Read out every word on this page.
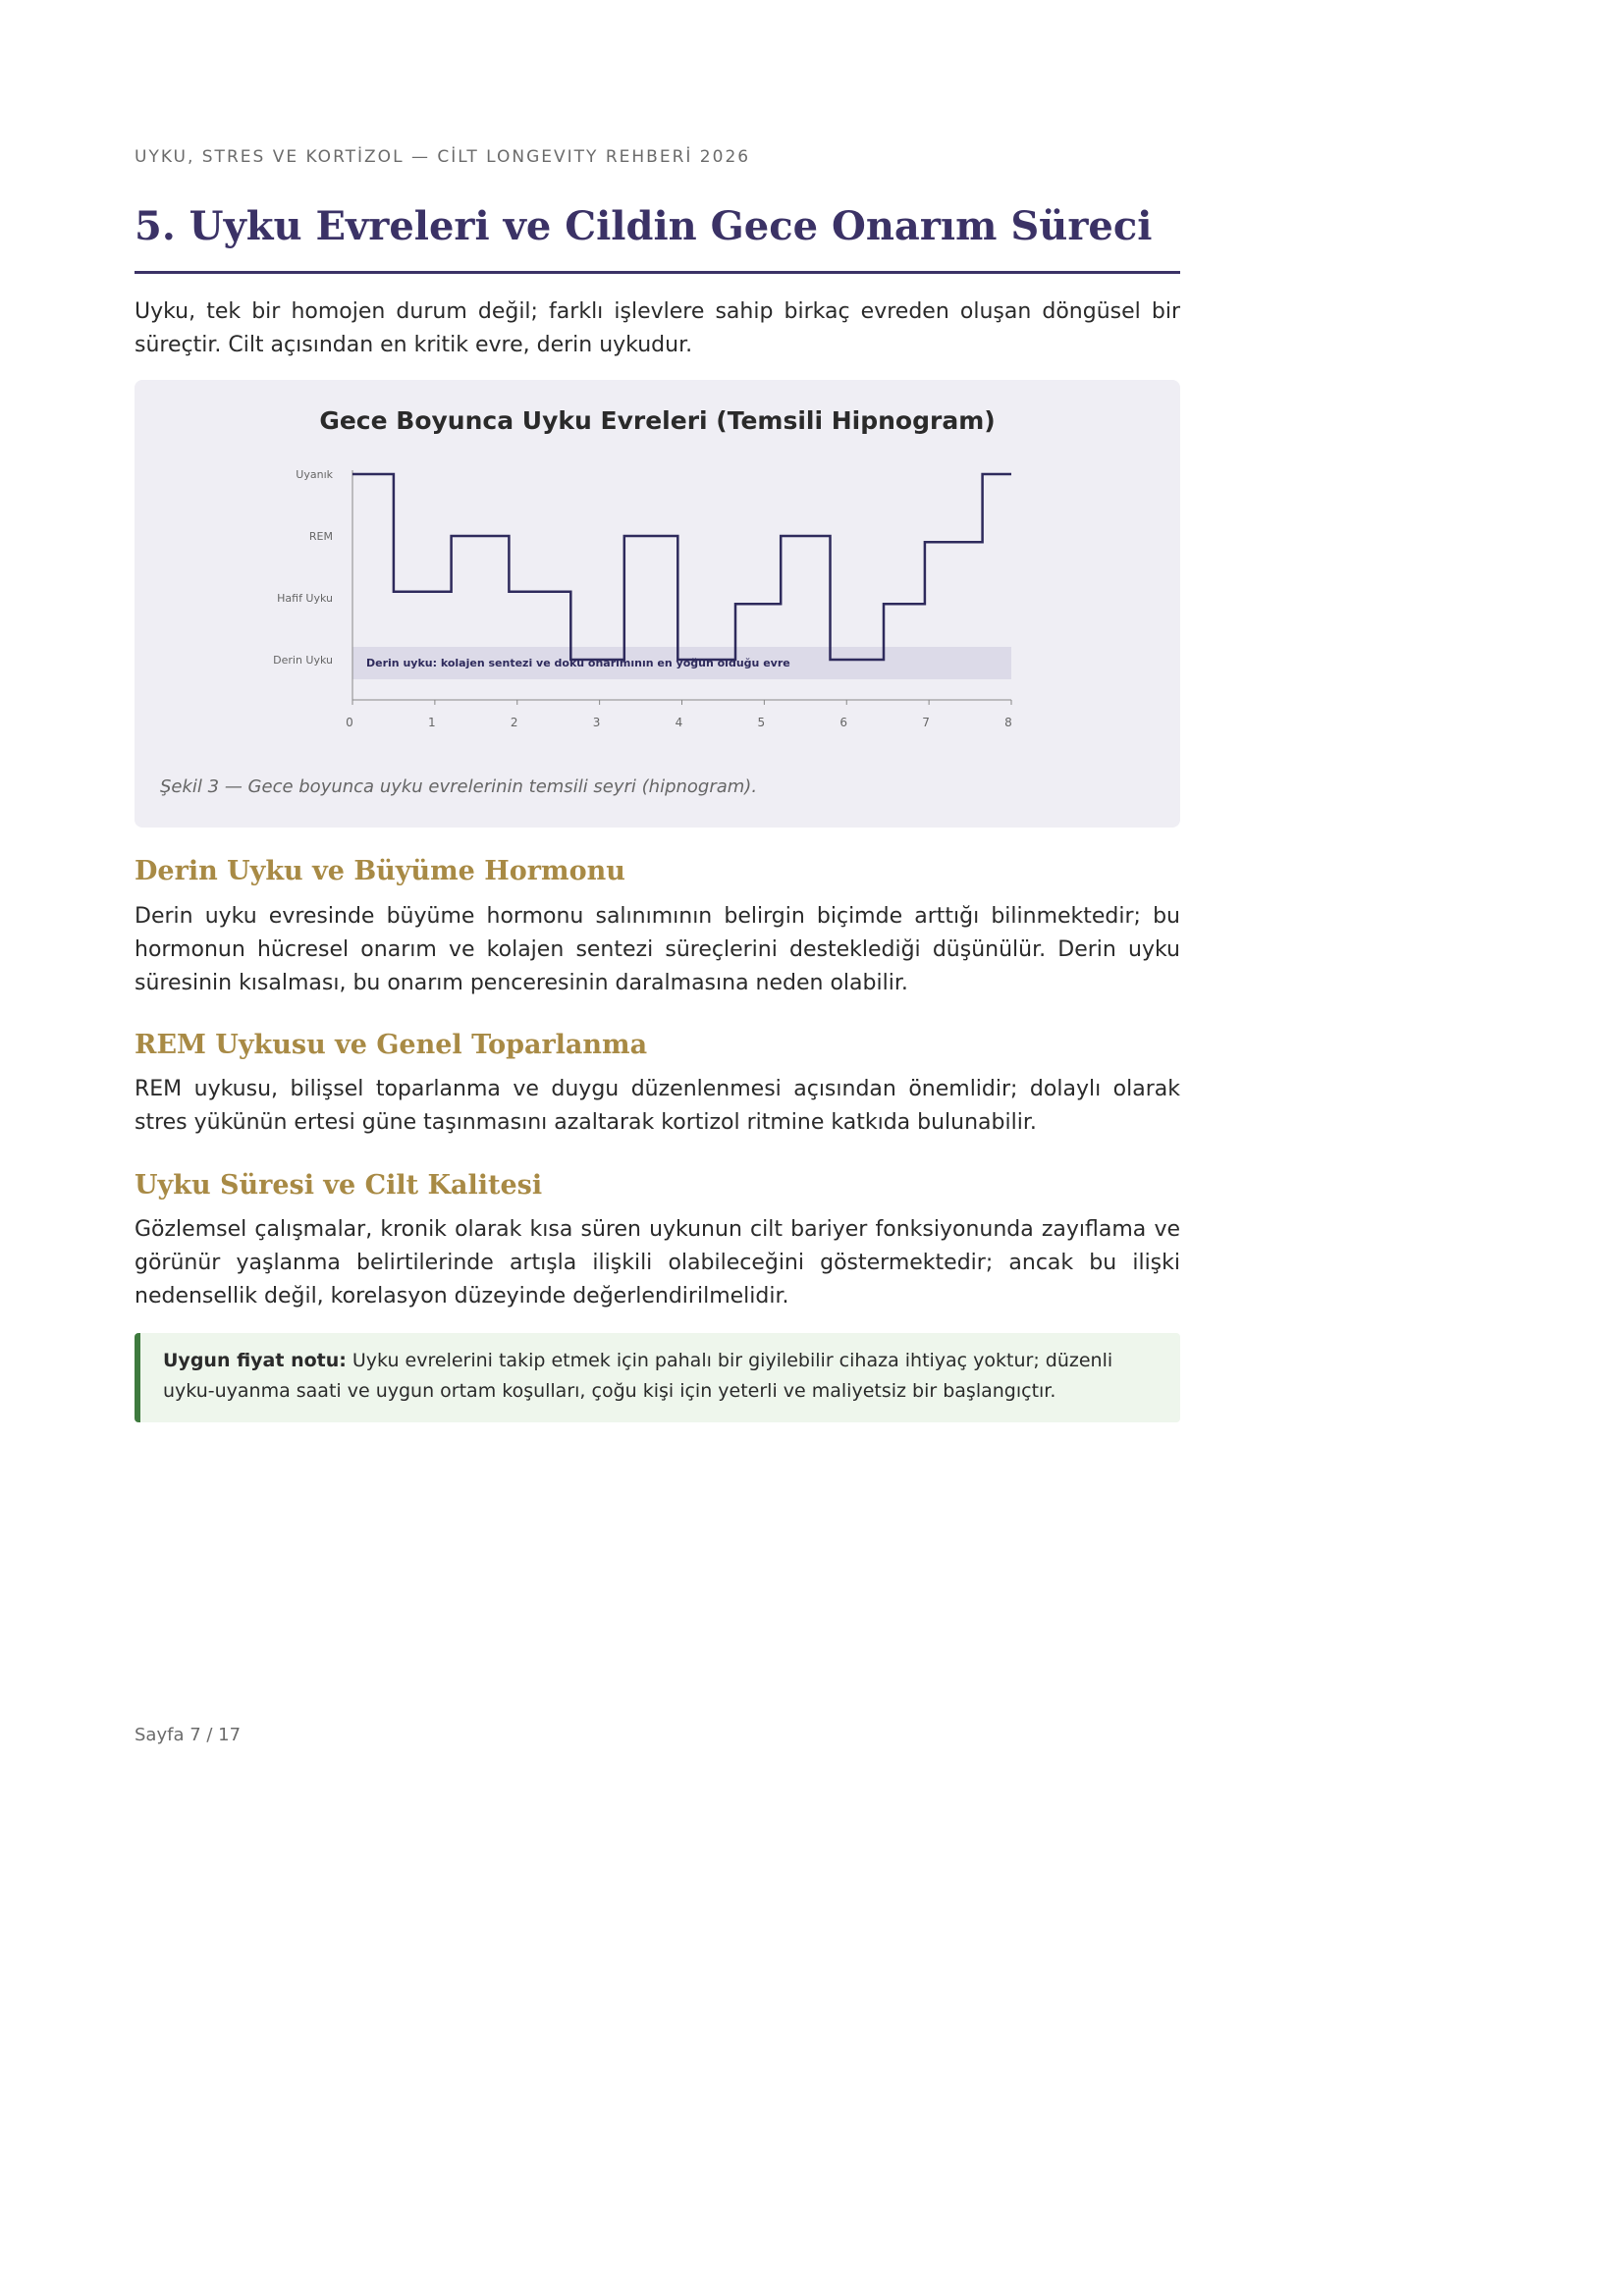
UYKU, STRES VE KORTİZOL — CİLT LONGEVITY REHBERİ 2026
5. Uyku Evreleri ve Cildin Gece Onarım Süreci

Uyku, tek bir homojen durum değil; farklı işlevlere sahip birkaç evreden oluşan döngüsel bir süreçtir. Cilt açısından en kritik evre, derin uykudur.

Gece Boyunca Uyku Evreleri (Temsili Hipnogram)
Derin uyku: kolajen sentezi ve doku onarımının en yoğun olduğu evre
Derin Uyku
Hafif Uyku
REM
Uyanık
0	1	2	3	4	5	6	7	8
Şekil 3 — Gece boyunca uyku evrelerinin temsili seyri (hipnogram).
Derin Uyku ve Büyüme Hormonu

Derin uyku evresinde büyüme hormonu salınımının belirgin biçimde arttığı bilinmektedir; bu hormonun hücresel onarım ve kolajen sentezi süreçlerini desteklediği düşünülür. Derin uyku süresinin kısalması, bu onarım penceresinin daralmasına neden olabilir.

REM Uykusu ve Genel Toparlanma

REM uykusu, bilişsel toparlanma ve duygu düzenlenmesi açısından önemlidir; dolaylı olarak stres yükünün ertesi güne taşınmasını azaltarak kortizol ritmine katkıda bulunabilir.

Uyku Süresi ve Cilt Kalitesi

Gözlemsel çalışmalar, kronik olarak kısa süren uykunun cilt bariyer fonksiyonunda zayıflama ve görünür yaşlanma belirtilerinde artışla ilişkili olabileceğini göstermektedir; ancak bu ilişki nedensellik değil, korelasyon düzeyinde değerlendirilmelidir.

Uygun fiyat notu: Uyku evrelerini takip etmek için pahalı bir giyilebilir cihaza ihtiyaç yoktur; düzenli uyku-uyanma saati ve uygun ortam koşulları, çoğu kişi için yeterli ve maliyetsiz bir başlangıçtır.
Sayfa 7 / 17
